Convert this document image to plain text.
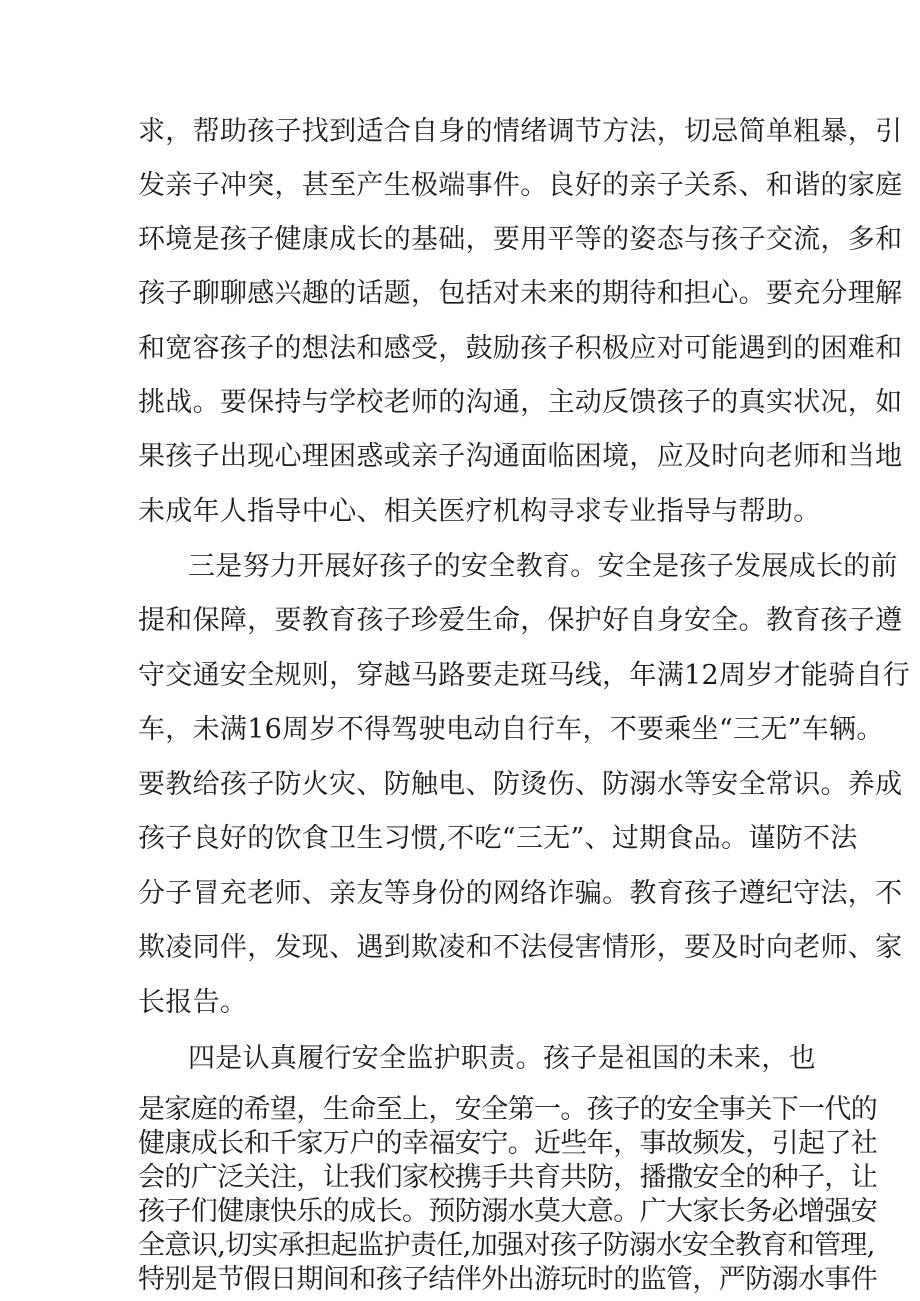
求，帮助孩子找到适合自身的情绪调节方法，切忌简单粗暴，引
发亲子冲突，甚至产生极端事件。良好的亲子关系、和谐的家庭
环境是孩子健康成长的基础，要用平等的姿态与孩子交流，多和
孩子聊聊感兴趣的话题，包括对未来的期待和担心。要充分理解
和宽容孩子的想法和感受，鼓励孩子积极应对可能遇到的困难和
挑战。要保持与学校老师的沟通，主动反馈孩子的真实状况，如
果孩子出现心理困惑或亲子沟通面临困境，应及时向老师和当地
未成年人指导中心、相关医疗机构寻求专业指导与帮助。
三是努力开展好孩子的安全教育。安全是孩子发展成长的前
提和保障，要教育孩子珍爱生命，保护好自身安全。教育孩子遵
守交通安全规则，穿越马路要走斑马线，年满12周岁才能骑自行
车，未满16周岁不得驾驶电动自行车，不要乘坐“三无”车辆。
要教给孩子防火灾、防触电、防烫伤、防溺水等安全常识。养成
孩子良好的饮食卫生习惯,不吃“三无”、过期食品。谨防不法
分子冒充老师、亲友等身份的网络诈骗。教育孩子遵纪守法，不
欺凌同伴，发现、遇到欺凌和不法侵害情形，要及时向老师、家
长报告。
四是认真履行安全监护职责。孩子是祖国的未来，也
是家庭的希望，生命至上，安全第一。孩子的安全事关下一代的
健康成长和千家万户的幸福安宁。近些年，事故频发，引起了社
会的广泛关注，让我们家校携手共育共防，播撒安全的种子，让
孩子们健康快乐的成长。预防溺水莫大意。广大家长务必增强安
全意识,切实承担起监护责任,加强对孩子防溺水安全教育和管理,
特别是节假日期间和孩子结伴外出游玩时的监管，严防溺水事件
